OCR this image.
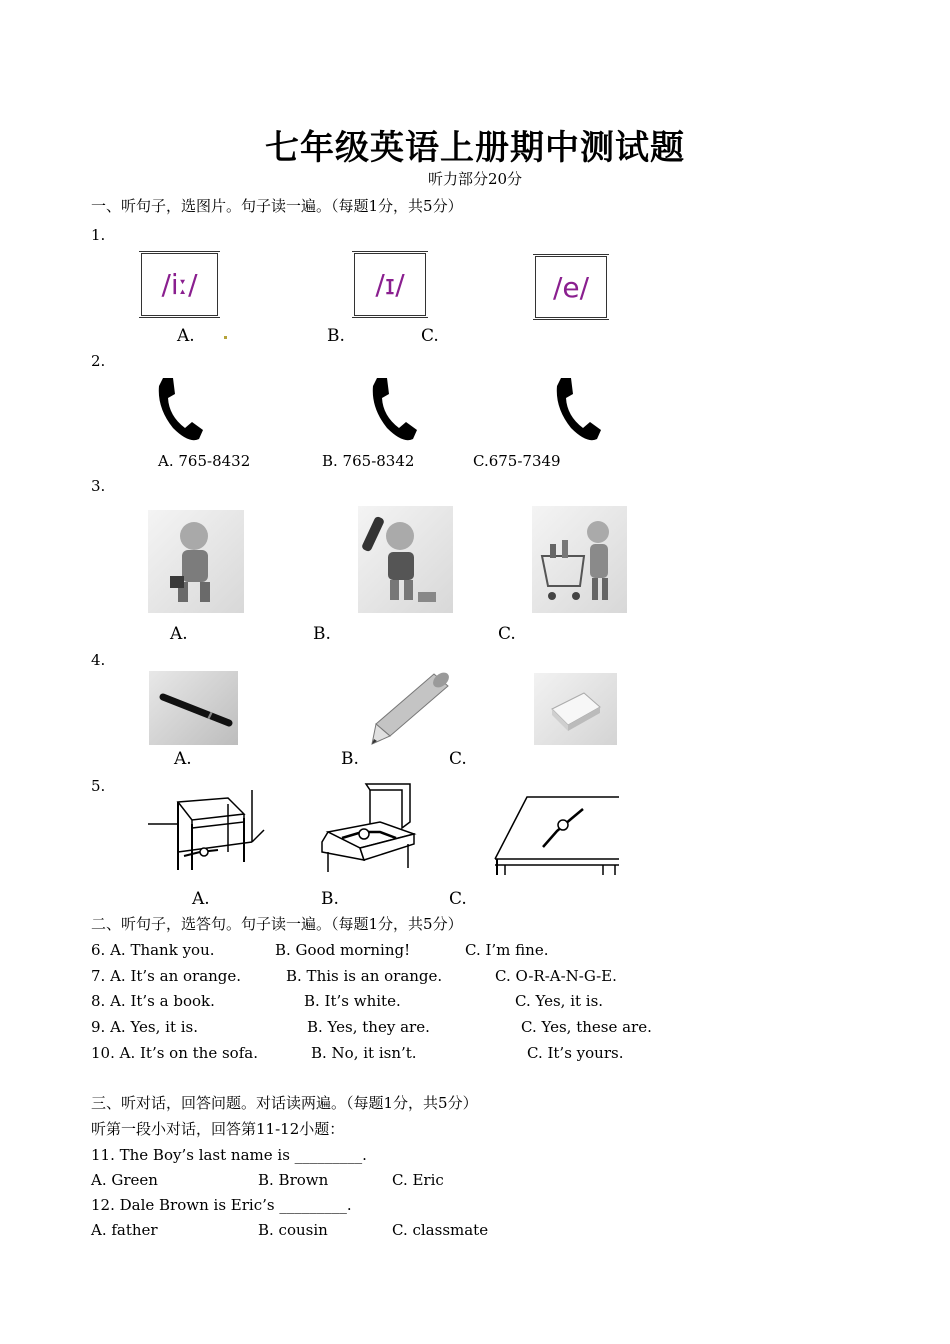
七年级英语上册期中测试题
听力部分20分
一、听句子，选图片。句子读一遍。（每题1分，共5分）
1.
/iː/	/ɪ/	/e/
A.	B.	C.
2.
A. 765-8432	B. 765-8342	C.675-7349
3.
A.	B.	C.
4.
A.	B.	C.
5.
A.	B.	C.
二、听句子，选答句。句子读一遍。（每题1分，共5分）
6. A. Thank you.	B. Good morning!	C. I’m fine.
7. A. It’s an orange.	B. This is an orange.	C. O-R-A-N-G-E.
8. A. It’s a book.	B. It’s white.	C. Yes, it is.
9. A. Yes, it is.	B. Yes, they are.	C. Yes, these are.
10. A. It’s on the sofa.	B. No, it isn’t.	C. It’s yours.
三、听对话，回答问题。对话读两遍。（每题1分，共5分）
听第一段小对话，回答第11-12小题：
11. The Boy’s last name is _________.
A. Green	B. Brown	C. Eric
12. Dale Brown is Eric’s _________.
A. father	B. cousin	C. classmate
